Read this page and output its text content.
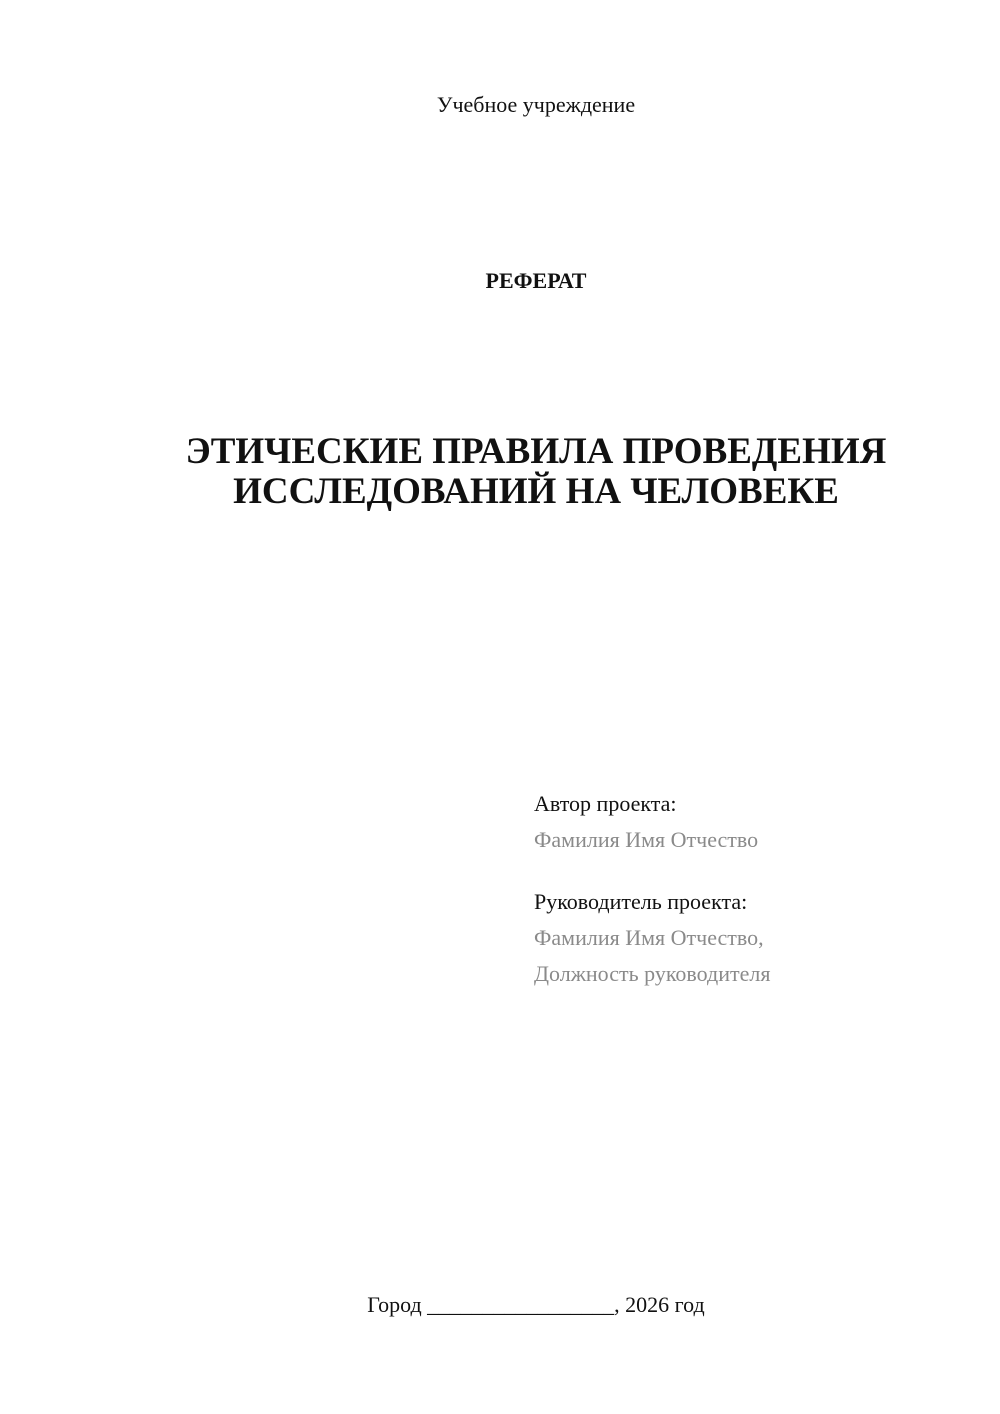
Учебное учреждение
РЕФЕРАТ
ЭТИЧЕСКИЕ ПРАВИЛА ПРОВЕДЕНИЯ
ИССЛЕДОВАНИЙ НА ЧЕЛОВЕКЕ
Автор проекта:
Фамилия Имя Отчество
Руководитель проекта:
Фамилия Имя Отчество,
Должность руководителя
Город _________________, 2026 год
